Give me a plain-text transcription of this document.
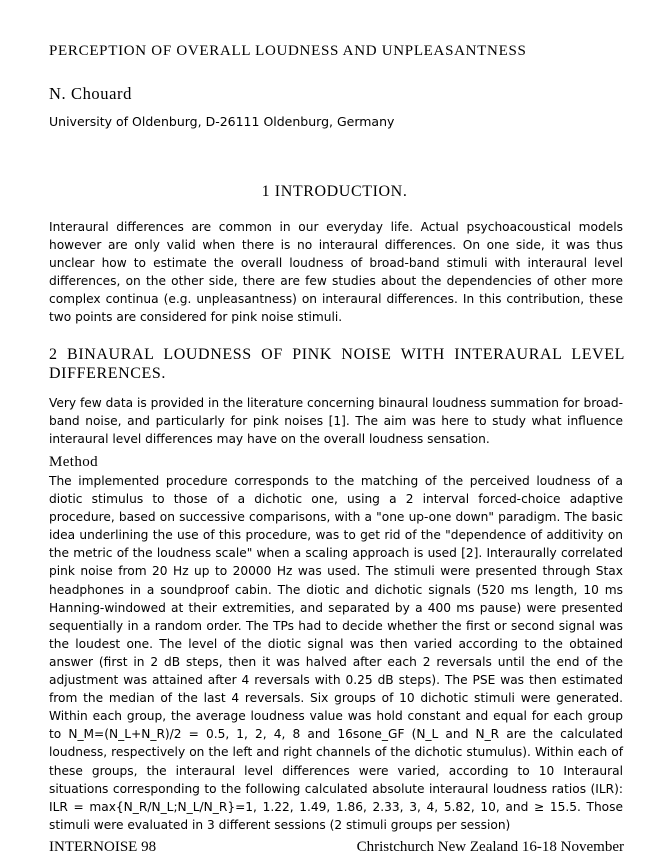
PERCEPTION OF OVERALL LOUDNESS AND UNPLEASANTNESS
N. Chouard
University of Oldenburg, D-26111 Oldenburg, Germany
1 INTRODUCTION.
Interaural differences are common in our everyday life. Actual psychoacoustical models however are only valid when there is no interaural differences. On one side, it was thus unclear how to estimate the overall loudness of broad-band stimuli with interaural level differences, on the other side, there are few studies about the dependencies of other more complex continua (e.g. unpleasantness) on interaural differences. In this contribution, these two points are considered for pink noise stimuli.
2 BINAURAL LOUDNESS OF PINK NOISE WITH INTERAURAL LEVEL DIFFERENCES.
Very few data is provided in the literature concerning binaural loudness summation for broad-band noise, and particularly for pink noises [1]. The aim was here to study what influence interaural level differences may have on the overall loudness sensation.
Method
The implemented procedure corresponds to the matching of the perceived loudness of a diotic stimulus to those of a dichotic one, using a 2 interval forced-choice adaptive procedure, based on successive comparisons, with a "one up-one down" paradigm. The basic idea underlining the use of this procedure, was to get rid of the "dependence of additivity on the metric of the loudness scale" when a scaling approach is used [2]. Interaurally correlated pink noise from 20 Hz up to 20000 Hz was used. The stimuli were presented through Stax headphones in a soundproof cabin. The diotic and dichotic signals (520 ms length, 10 ms Hanning-windowed at their extremities, and separated by a 400 ms pause) were presented sequentially in a random order. The TPs had to decide whether the first or second signal was the loudest one. The level of the diotic signal was then varied according to the obtained answer (first in 2 dB steps, then it was halved after each 2 reversals until the end of the adjustment was attained after 4 reversals with 0.25 dB steps). The PSE was then estimated from the median of the last 4 reversals. Six groups of 10 dichotic stimuli were generated. Within each group, the average loudness value was hold constant and equal for each group to N_M=(N_L+N_R)/2 = 0.5, 1, 2, 4, 8 and 16sone_GF (N_L and N_R are the calculated loudness, respectively on the left and right channels of the dichotic stumulus). Within each of these groups, the interaural level differences were varied, according to 10 Interaural situations corresponding to the following calculated absolute interaural loudness ratios (ILR): ILR = max{N_R/N_L;N_L/N_R}=1, 1.22, 1.49, 1.86, 2.33, 3, 4, 5.82, 10, and ≥ 15.5. Those stimuli were evaluated in 3 different sessions (2 stimuli groups per session)
INTERNOISE 98	Christchurch New Zealand 16-18 November
